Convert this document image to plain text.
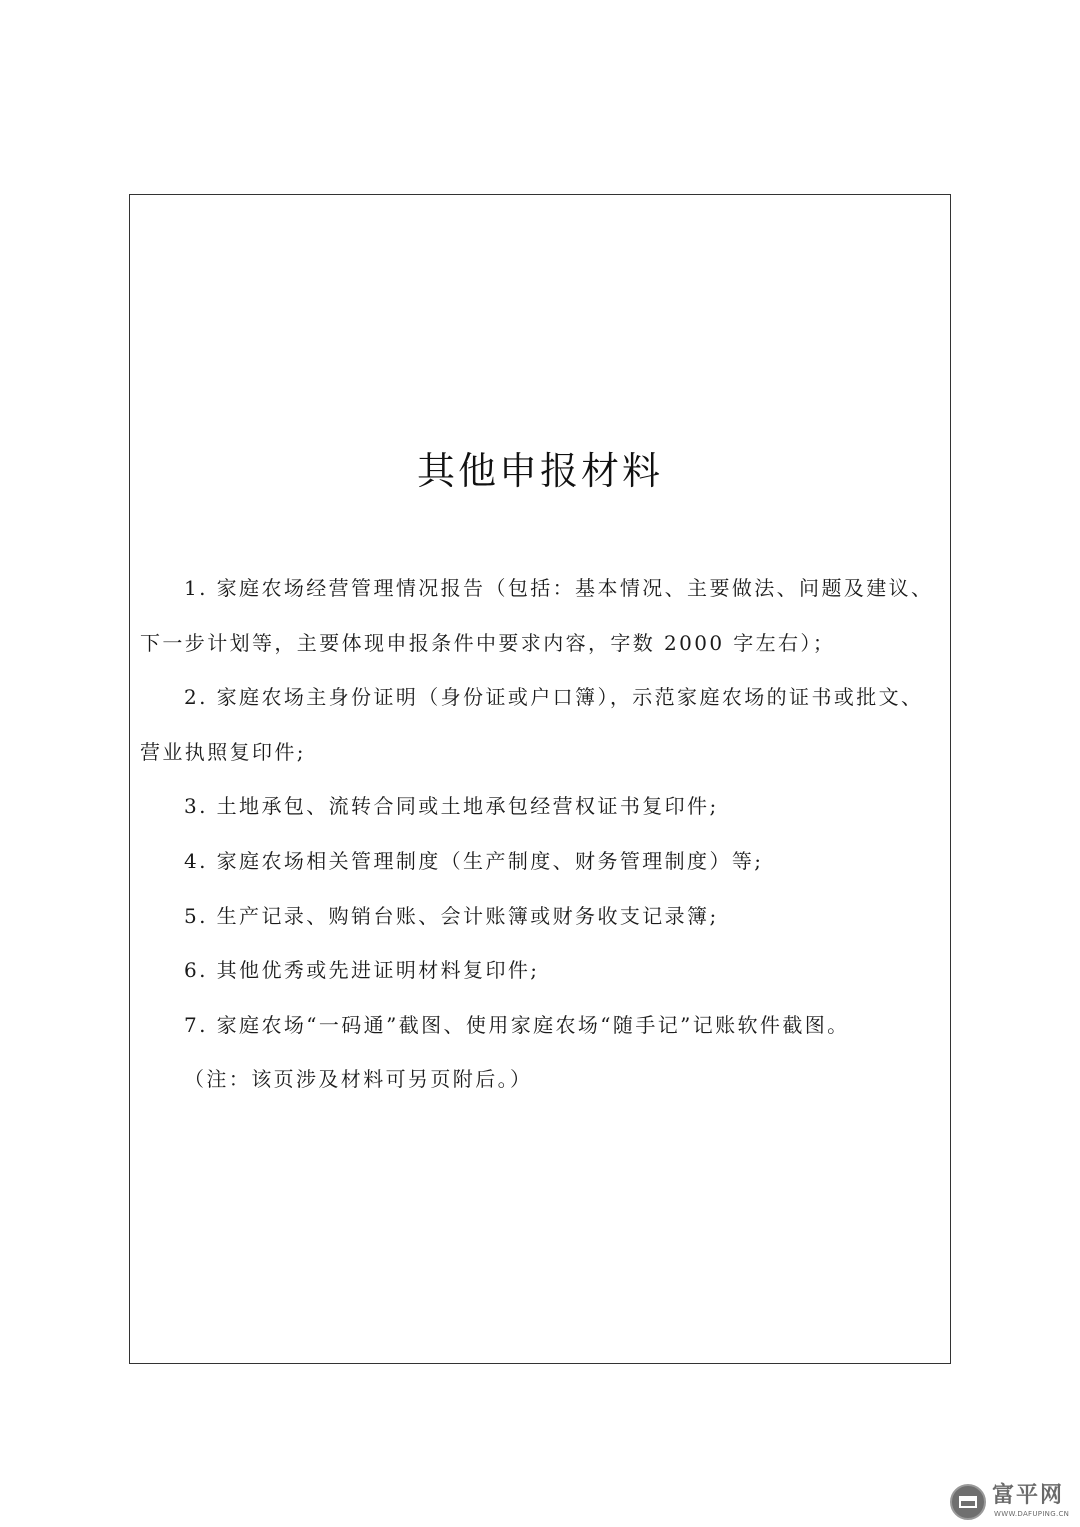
其他申报材料

1. 家庭农场经营管理情况报告（包括：基本情况、主要做法、问题及建议、下一步计划等，主要体现申报条件中要求内容，字数 2000 字左右）；

2. 家庭农场主身份证明（身份证或户口簿），示范家庭农场的证书或批文、营业执照复印件;

3. 土地承包、流转合同或土地承包经营权证书复印件;

4. 家庭农场相关管理制度（生产制度、财务管理制度）等;

5. 生产记录、购销台账、会计账簿或财务收支记录簿;

6. 其他优秀或先进证明材料复印件;

7. 家庭农场“一码通”截图、使用家庭农场“随手记”记账软件截图。

（注：该页涉及材料可另页附后。）

富平网
WWW.DAFUPING.CN
